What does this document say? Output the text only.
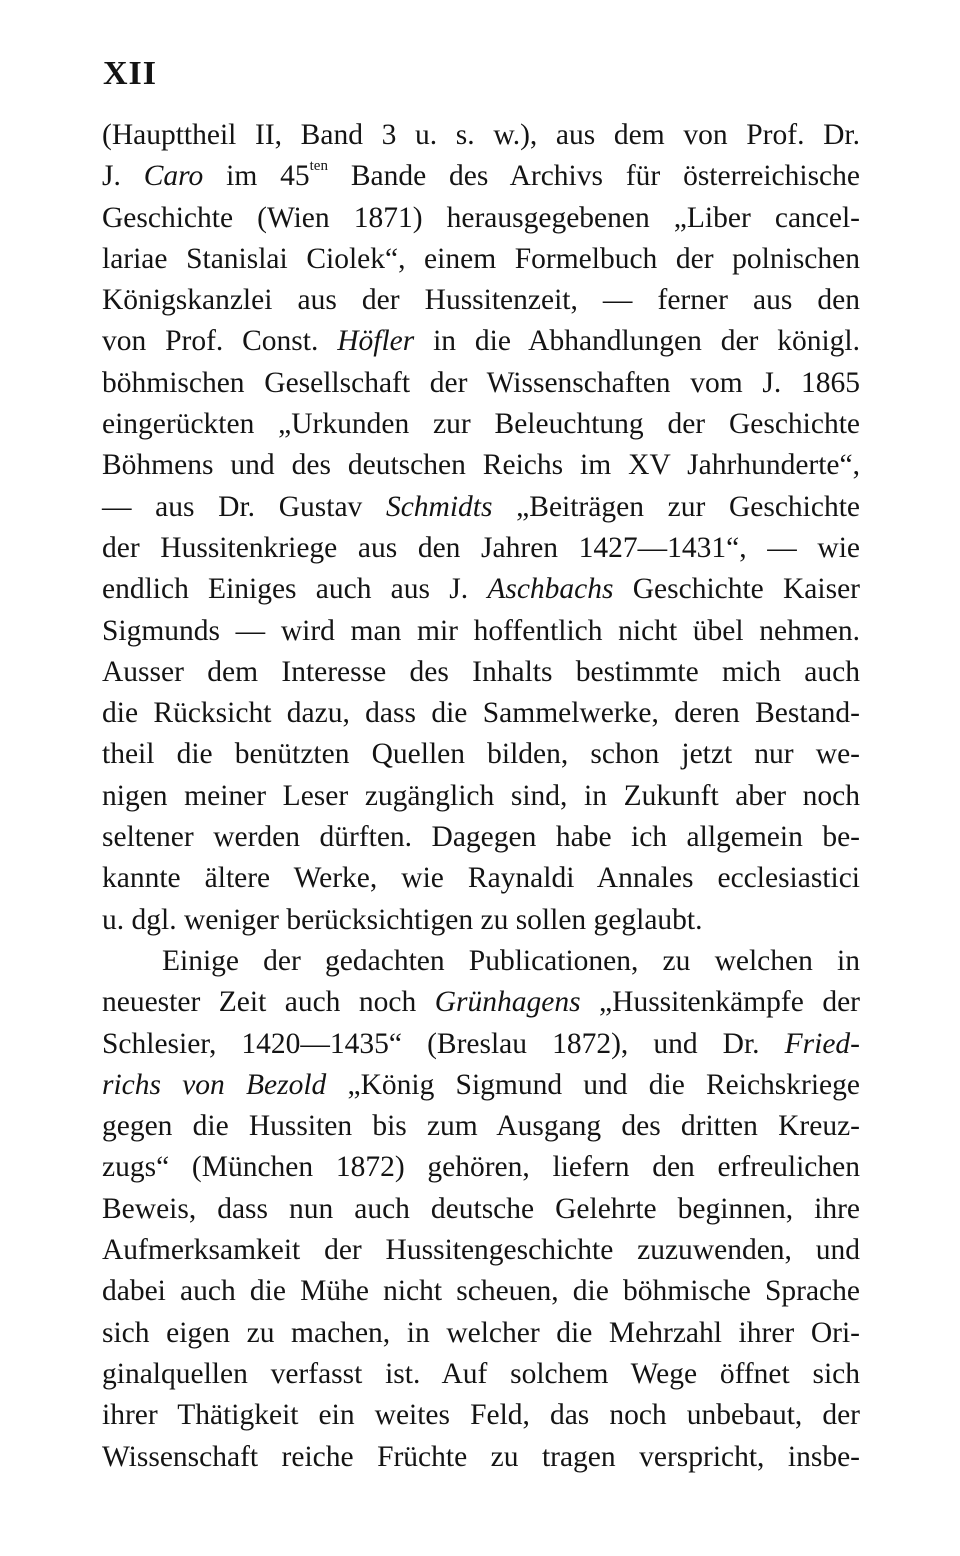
XII
(Haupttheil II, Band 3 u. s. w.), aus dem von Prof. Dr.
J. Caro im $45^{ten}$ Bande des Archivs für österreichische
Geschichte (Wien 1871) herausgegebenen „Liber cancel-
lariae Stanislai Ciolek“, einem Formelbuch der polnischen
Königskanzlei aus der Hussitenzeit, — ferner aus den
von Prof. Const. Höfler in die Abhandlungen der königl.
böhmischen Gesellschaft der Wissenschaften vom J. 1865
eingerückten „Urkunden zur Beleuchtung der Geschichte
Böhmens und des deutschen Reichs im XV Jahrhunderte“,
— aus Dr. Gustav Schmidts „Beiträgen zur Geschichte
der Hussitenkriege aus den Jahren 1427—1431“, — wie
endlich Einiges auch aus J. Aschbachs Geschichte Kaiser
Sigmunds — wird man mir hoffentlich nicht übel nehmen.
Ausser dem Interesse des Inhalts bestimmte mich auch
die Rücksicht dazu, dass die Sammelwerke, deren Bestand-
theil die benützten Quellen bilden, schon jetzt nur we-
nigen meiner Leser zugänglich sind, in Zukunft aber noch
seltener werden dürften. Dagegen habe ich allgemein be-
kannte ältere Werke, wie Raynaldi Annales ecclesiastici
u. dgl. weniger berücksichtigen zu sollen geglaubt.
Einige der gedachten Publicationen, zu welchen in
neuester Zeit auch noch Grünhagens „Hussitenkämpfe der
Schlesier, 1420—1435“ (Breslau 1872), und Dr. Fried-
richs von Bezold „König Sigmund und die Reichskriege
gegen die Hussiten bis zum Ausgang des dritten Kreuz-
zugs“ (München 1872) gehören, liefern den erfreulichen
Beweis, dass nun auch deutsche Gelehrte beginnen, ihre
Aufmerksamkeit der Hussitengeschichte zuzuwenden, und
dabei auch die Mühe nicht scheuen, die böhmische Sprache
sich eigen zu machen, in welcher die Mehrzahl ihrer Ori-
ginalquellen verfasst ist. Auf solchem Wege öffnet sich
ihrer Thätigkeit ein weites Feld, das noch unbebaut, der
Wissenschaft reiche Früchte zu tragen verspricht, insbe-
